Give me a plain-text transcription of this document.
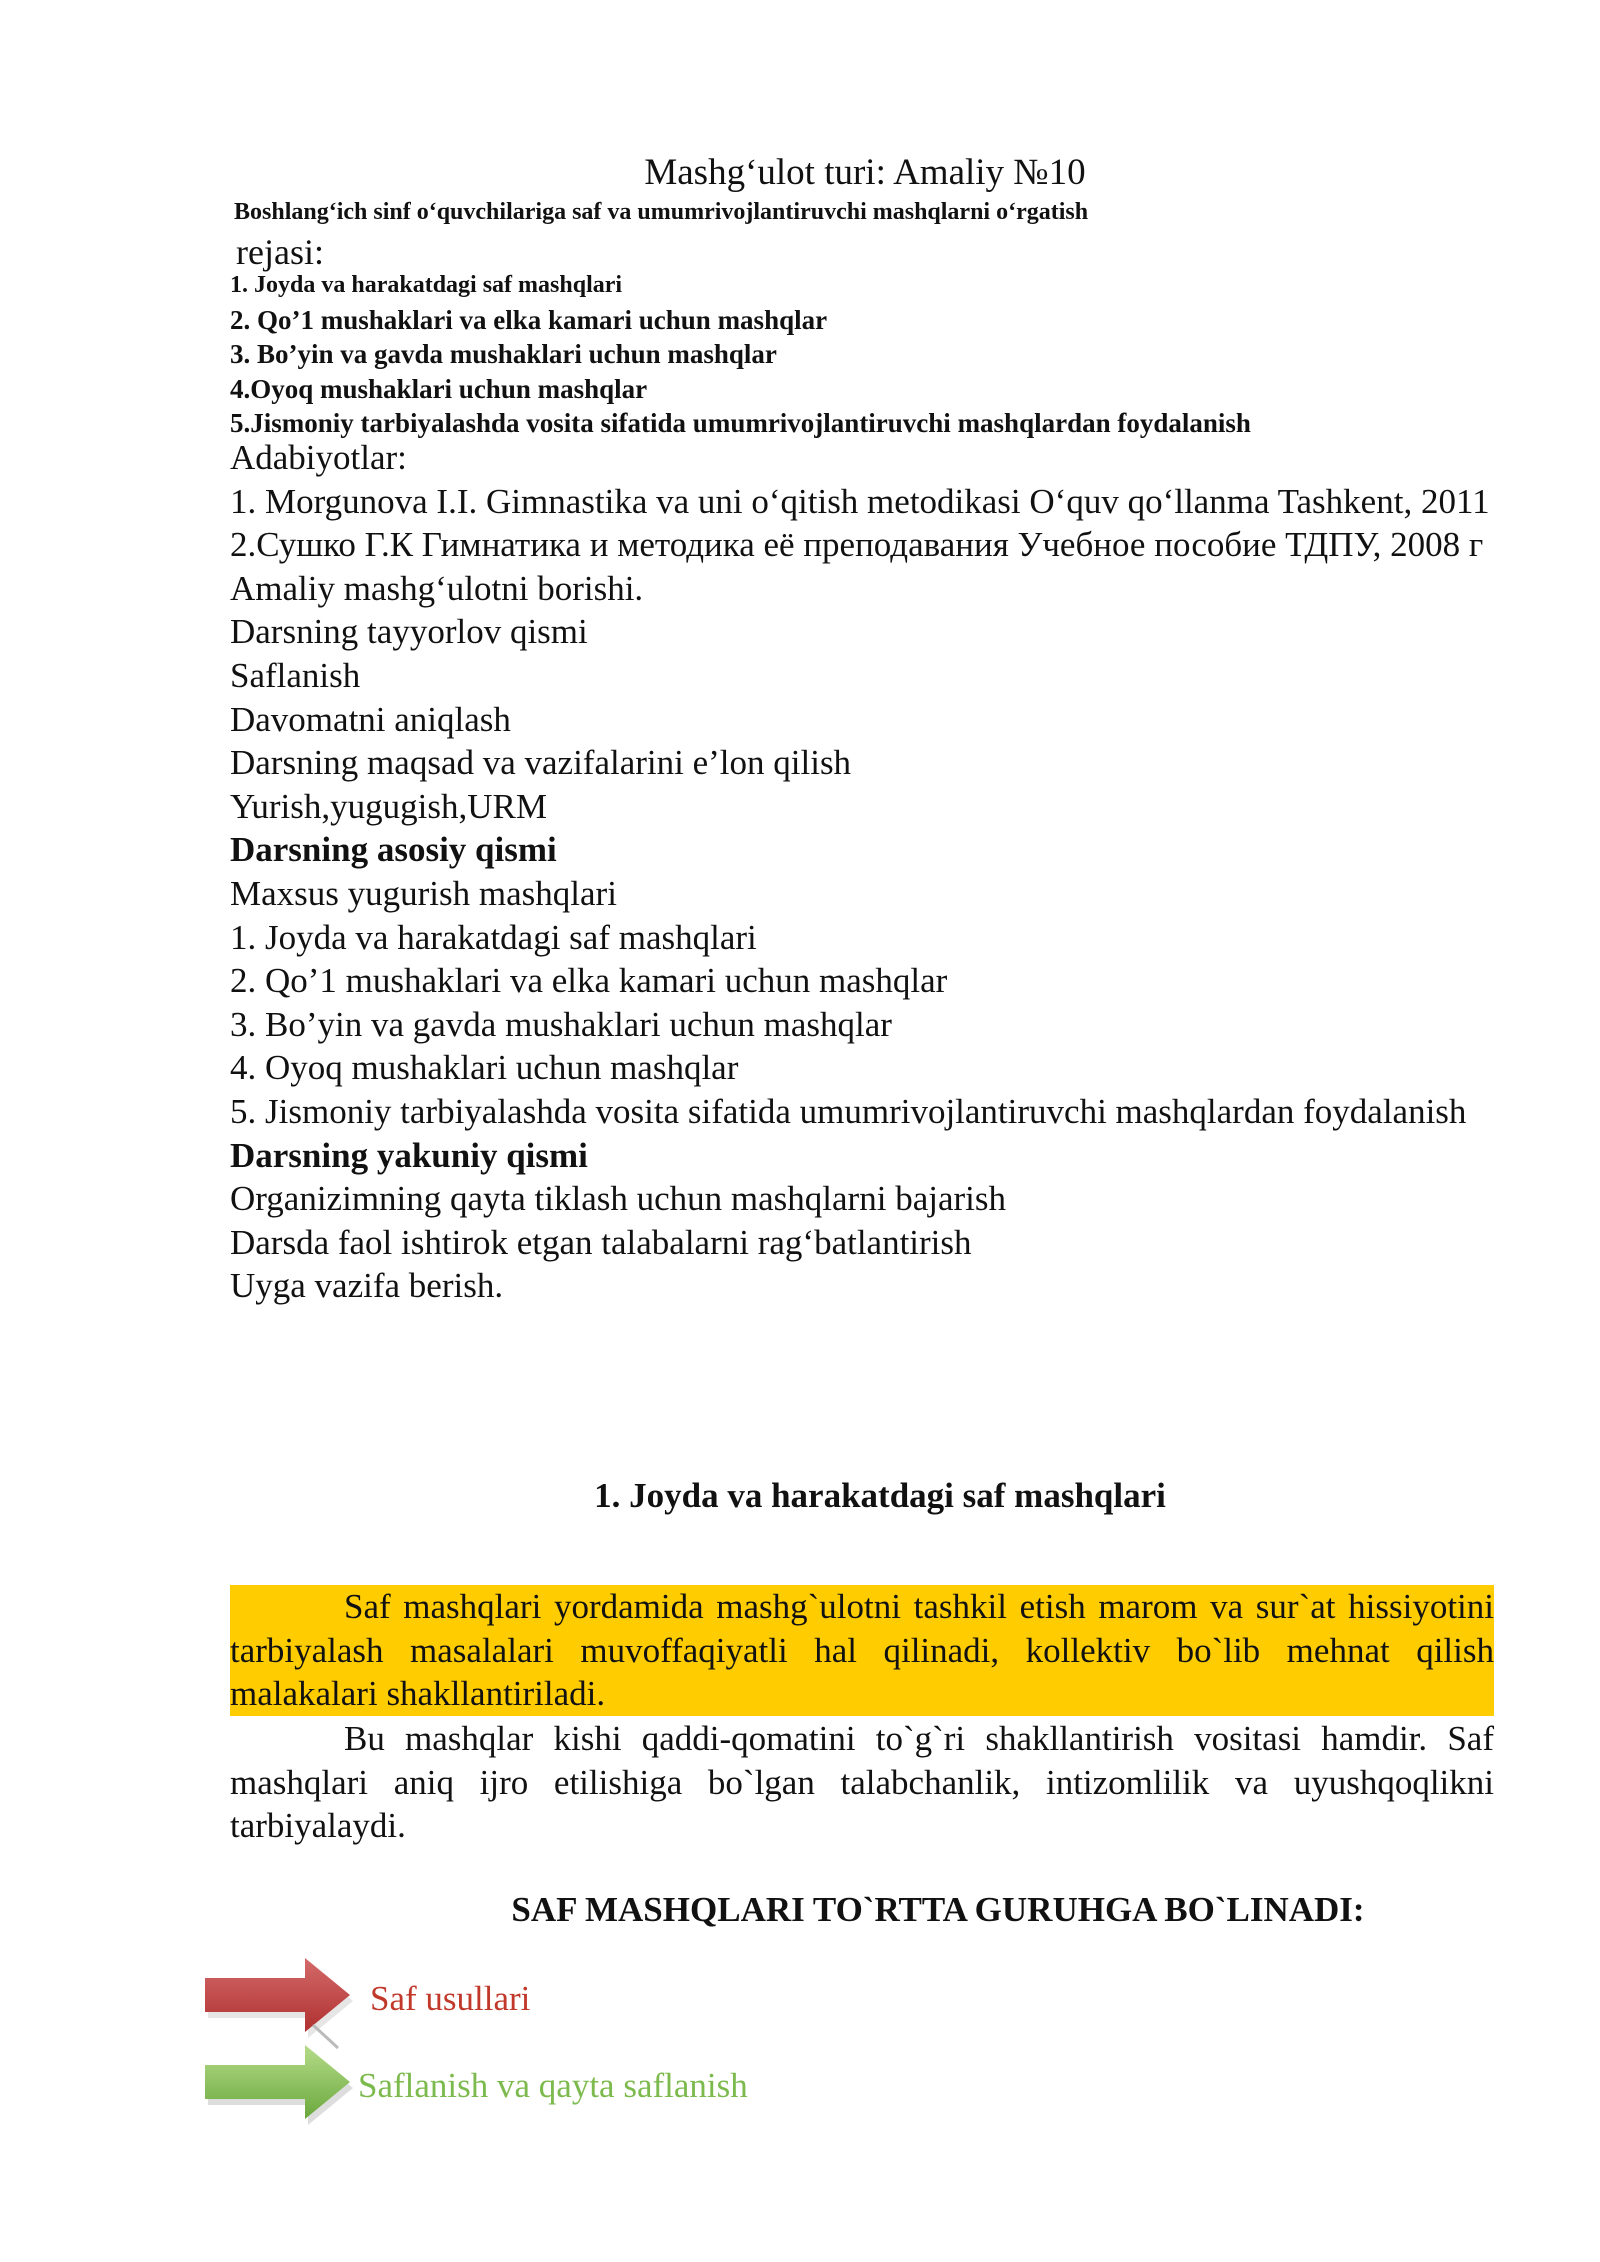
Mashg‘ulot turi: Amaliy №10
Boshlang‘ich sinf o‘quvchilariga saf va umumrivojlantiruvchi mashqlarni o‘rgatish
rejasi:
1. Joyda va harakatdagi saf mashqlari
2. Qo’1 mushaklari va elka kamari uchun mashqlar
3. Bo’yin va gavda mushaklari uchun mashqlar
4.Oyoq mushaklari uchun mashqlar
5.Jismoniy tarbiyalashda vosita sifatida umumrivojlantiruvchi mashqlardan foydalanish

Adabiyotlar:

1. Morgunova I.I. Gimnastika va uni o‘qitish metodikasi O‘quv qo‘llanma Tashkent, 2011

2.Сушко Г.К Гимнатика и методика её преподавания Учебное пособие ТДПУ, 2008 г

Amaliy mashg‘ulotni borishi.

Darsning tayyorlov qismi

Saflanish

Davomatni aniqlash

Darsning maqsad va vazifalarini e’lon qilish

Yurish,yugugish,URM

Darsning asosiy qismi

Maxsus yugurish mashqlari

1. Joyda va harakatdagi saf mashqlari

2. Qo’1 mushaklari va elka kamari uchun mashqlar

3. Bo’yin va gavda mushaklari uchun mashqlar

4. Oyoq mushaklari uchun mashqlar

5. Jismoniy tarbiyalashda vosita sifatida umumrivojlantiruvchi mashqlardan foydalanish

Darsning yakuniy qismi

Organizimning qayta tiklash uchun mashqlarni bajarish

Darsda faol ishtirok etgan talabalarni rag‘batlantirish

Uyga vazifa berish.

1. Joyda va harakatdagi saf mashqlari

Saf mashqlari yordamida mashg`ulotni tashkil etish marom va sur`at hissiyotini tarbiyalash masalalari muvoffaqiyatli hal qilinadi, kollektiv bo`lib mehnat qilish malakalari shakllantiriladi.

Bu mashqlar kishi qaddi-qomatini to`g`ri shakllantirish vositasi hamdir. Saf mashqlari aniq ijro etilishiga bo`lgan talabchanlik, intizomlilik va uyushqoqlikni tarbiyalaydi.

SAF MASHQLARI TO`RTTA GURUHGA BO`LINADI:
Saf usullari
Saflanish va qayta saflanish
